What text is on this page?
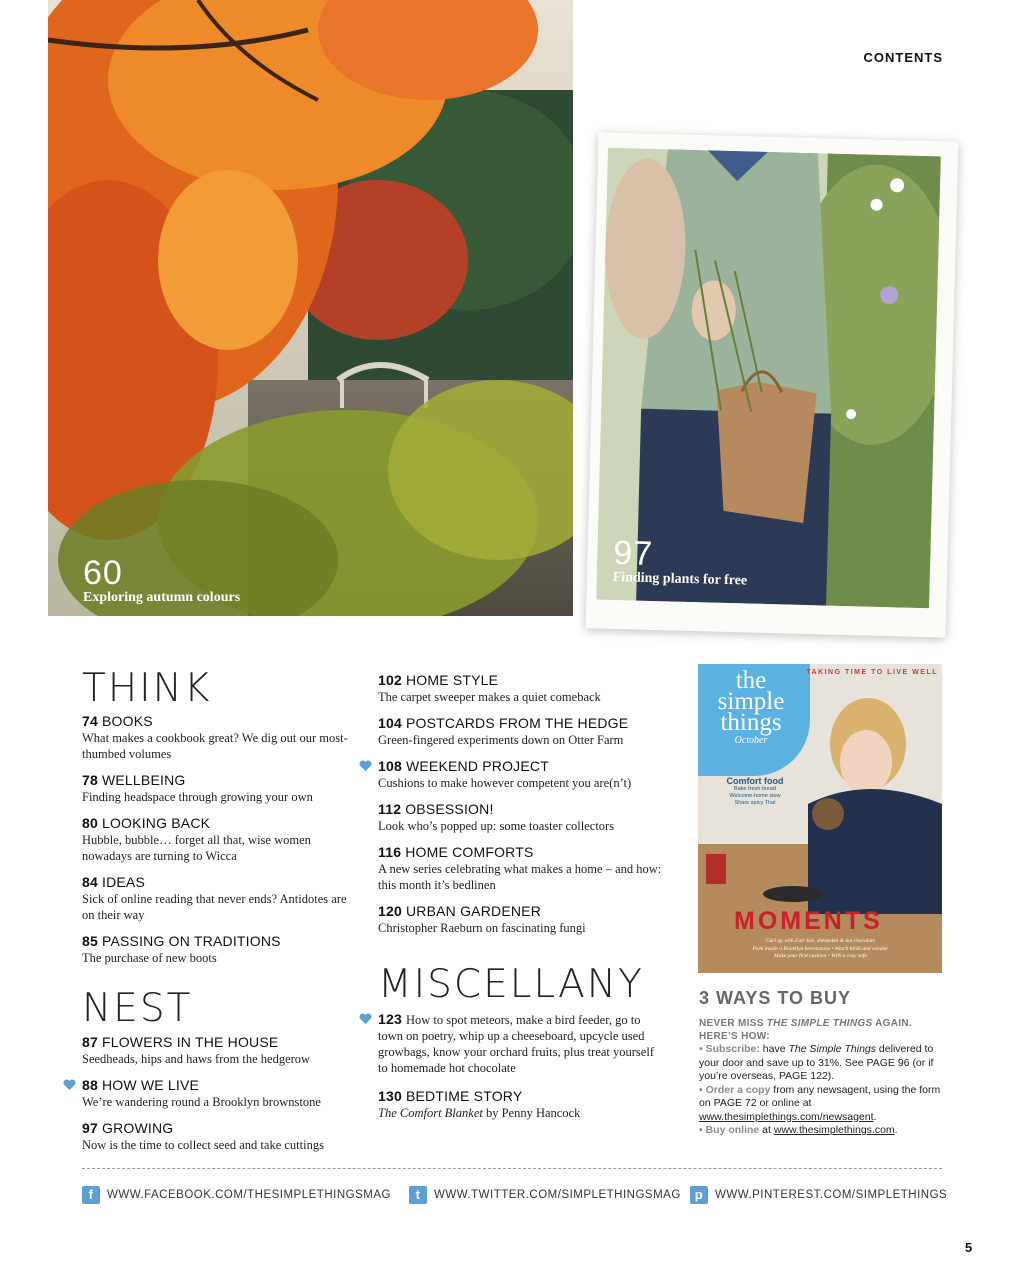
60
Exploring autumn colours
97
Finding plants for free
CONTENTS
THINK
74 BOOKS
What makes a cookbook great? We dig out our most-thumbed volumes
78 WELLBEING
Finding headspace through growing your own
80 LOOKING BACK
Hubble, bubble… forget all that, wise women nowadays are turning to Wicca
84 IDEAS
Sick of online reading that never ends? Antidotes are on their way
85 PASSING ON TRADITIONS
The purchase of new boots
NEST
87 FLOWERS IN THE HOUSE
Seedheads, hips and haws from the hedgerow
88 HOW WE LIVE
We’re wandering round a Brooklyn brownstone
97 GROWING
Now is the time to collect seed and take cuttings
102 HOME STYLE
The carpet sweeper makes a quiet comeback
104 POSTCARDS FROM THE HEDGE
Green-fingered experiments down on Otter Farm
108 WEEKEND PROJECT
Cushions to make however competent you are(n’t)
112 OBSESSION!
Look who’s popped up: some toaster collectors
116 HOME COMFORTS
A new series celebrating what makes a home – and how: this month it’s bedlinen
120 URBAN GARDENER
Christopher Raeburn on fascinating fungi
MISCELLANY
123 How to spot meteors, make a bird feeder, go to town on poetry, whip up a cheeseboard, upcycle used growbags, know your orchard fruits, plus treat yourself to homemade hot chocolate
130 BEDTIME STORY
The Comfort Blanket by Penny Hancock
the
simple
things
October
TAKING TIME TO LIVE WELL
Comfort food
Bake fresh bread
Welcome-home stew
Share spicy Thai
MOMENTS
Curl up with Fair Isle, sheepskin & hot chocolate
Peek inside a Brooklyn brownstone • Watch birds and wonder
Make your first cushion • WIN a cosy sofa
3 WAYS TO BUY
NEVER MISS THE SIMPLE THINGS AGAIN.
HERE’S HOW:

• Subscribe: have The Simple Things delivered to your door and save up to 31%. See PAGE 96 (or if you’re overseas, PAGE 122).

• Order a copy from any newsagent, using the form on PAGE 72 or online at www.thesimplethings.com/newsagent.

• Buy online at www.thesimplethings.com.

f	WWW.FACEBOOK.COM/THESIMPLETHINGSMAG	t	WWW.TWITTER.COM/SIMPLETHINGSMAG	p	WWW.PINTEREST.COM/SIMPLETHINGS
5
